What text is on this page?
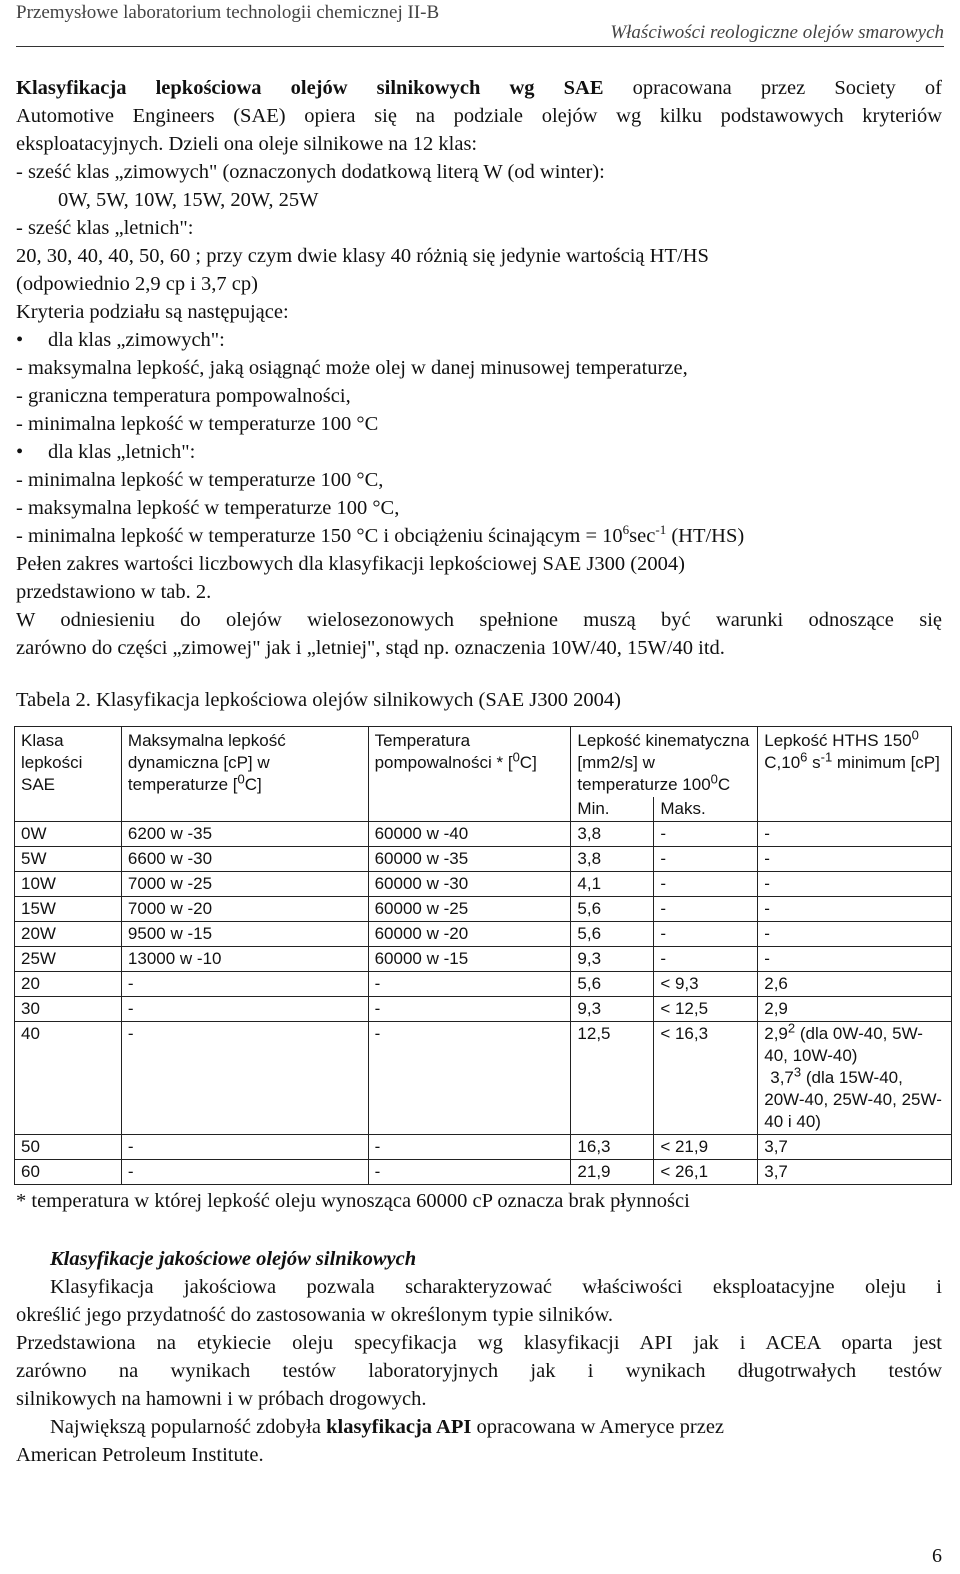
Przemysłowe laboratorium technologii chemicznej II-B
Właściwości reologiczne olejów smarowych

Klasyfikacja lepkościowa olejów silnikowych wg SAE opracowana przez Society of

Automotive Engineers (SAE) opiera się na podziale olejów wg kilku podstawowych kryteriów

eksploatacyjnych. Dzieli ona oleje silnikowe na 12 klas:

- sześć klas „zimowych" (oznaczonych dodatkową literą W (od winter):

0W, 5W, 10W, 15W, 20W, 25W

- sześć klas „letnich":

20, 30, 40, 40, 50, 60 ; przy czym dwie klasy 40 różnią się jedynie wartością HT/HS

(odpowiednio 2,9 cp i 3,7 cp)

Kryteria podziału są następujące:

• dla klas „zimowych":

- maksymalna lepkość, jaką osiągnąć może olej w danej minusowej temperaturze,

- graniczna temperatura pompowalności,

- minimalna lepkość w temperaturze 100 °C

• dla klas „letnich":

- minimalna lepkość w temperaturze 100 °C,

- maksymalna lepkość w temperaturze 100 °C,

- minimalna lepkość w temperaturze 150 °C i obciążeniu ścinającym = $10^6\sec^{-1}$ (HT/HS)

Pełen zakres wartości liczbowych dla klasyfikacji lepkościowej SAE J300 (2004)

przedstawiono w tab. 2.

W odniesieniu do olejów wielosezonowych spełnione muszą być warunki odnoszące się

zarówno do części „zimowej" jak i „letniej", stąd np. oznaczenia 10W/40, 15W/40 itd.

Tabela 2. Klasyfikacja lepkościowa olejów silnikowych (SAE J300 2004)

Klasa lepkości SAE	Maksymalna lepkość dynamiczna [cP] w temperaturze [$^0$C]	Temperatura pompowalności * [$^0$C]	Lepkość kinematyczna [mm2/s] w temperaturze $100^0C$		Lepkość HTHS $150^0$ $C,10^6$ $s^{-1}$ minimum [cP]
			Min.	Maks.	
0W	6200 w -35	60000 w -40	3,8	-	-
5W	6600 w -30	60000 w -35	3,8	-	-
10W	7000 w -25	60000 w -30	4,1	-	-
15W	7000 w -20	60000 w -25	5,6	-	-
20W	9500 w -15	60000 w -20	5,6	-	-
25W	13000 w -10	60000 w -15	9,3	-	-
20	-	-	5,6	< 9,3	2,6
30	-	-	9,3	< 12,5	2,9
40	-	-	12,5	< 16,3	$2,9^2$ (dla 0W-40, 5W-40, 10W-40)
$3,7^3$ (dla 15W-40, 20W-40, 25W-40, 25W-40 i 40)
50	-	-	16,3	< 21,9	3,7
60	-	-	21,9	< 26,1	3,7

* temperatura w której lepkość oleju wynosząca 60000 cP oznacza brak płynności

Klasyfikacje jakościowe olejów silnikowych

Klasyfikacja jakościowa pozwala scharakteryzować właściwości eksploatacyjne oleju i

określić jego przydatność do zastosowania w określonym typie silników.

Przedstawiona na etykiecie oleju specyfikacja wg klasyfikacji API jak i ACEA oparta jest

zarówno na wynikach testów laboratoryjnych jak i wynikach długotrwałych testów

silnikowych na hamowni i w próbach drogowych.

Największą popularność zdobyła klasyfikacja API opracowana w Ameryce przez

American Petroleum Institute.

6
